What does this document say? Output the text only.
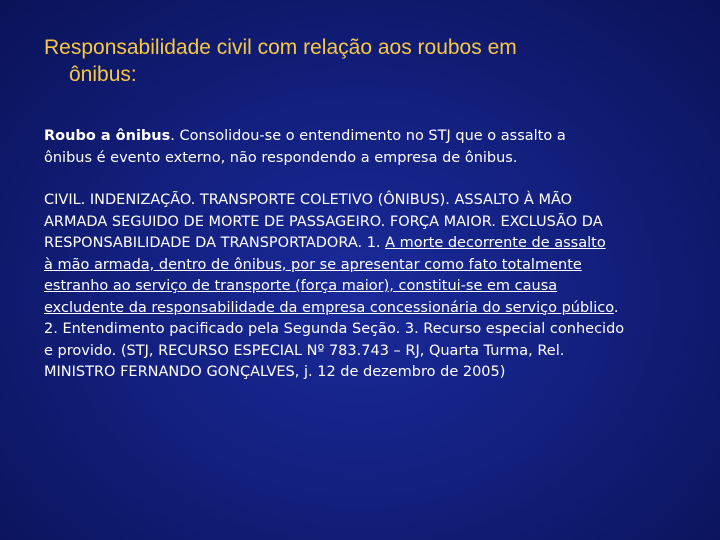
Responsabilidade civil com relação aos roubos em
ônibus:

Roubo a ônibus. Consolidou-se o entendimento no STJ que o assalto a
ônibus é evento externo, não respondendo a empresa de ônibus.

CIVIL. INDENIZAÇÃO. TRANSPORTE COLETIVO (ÔNIBUS). ASSALTO À MÃO
ARMADA SEGUIDO DE MORTE DE PASSAGEIRO. FORÇA MAIOR. EXCLUSÃO DA
RESPONSABILIDADE DA TRANSPORTADORA. 1. A morte decorrente de assalto
à mão armada, dentro de ônibus, por se apresentar como fato totalmente
estranho ao serviço de transporte (força maior), constitui-se em causa
excludente da responsabilidade da empresa concessionária do serviço público.
2. Entendimento pacificado pela Segunda Seção. 3. Recurso especial conhecido
e provido. (STJ, RECURSO ESPECIAL Nº 783.743 – RJ, Quarta Turma, Rel.
MINISTRO FERNANDO GONÇALVES, j. 12 de dezembro de 2005)
